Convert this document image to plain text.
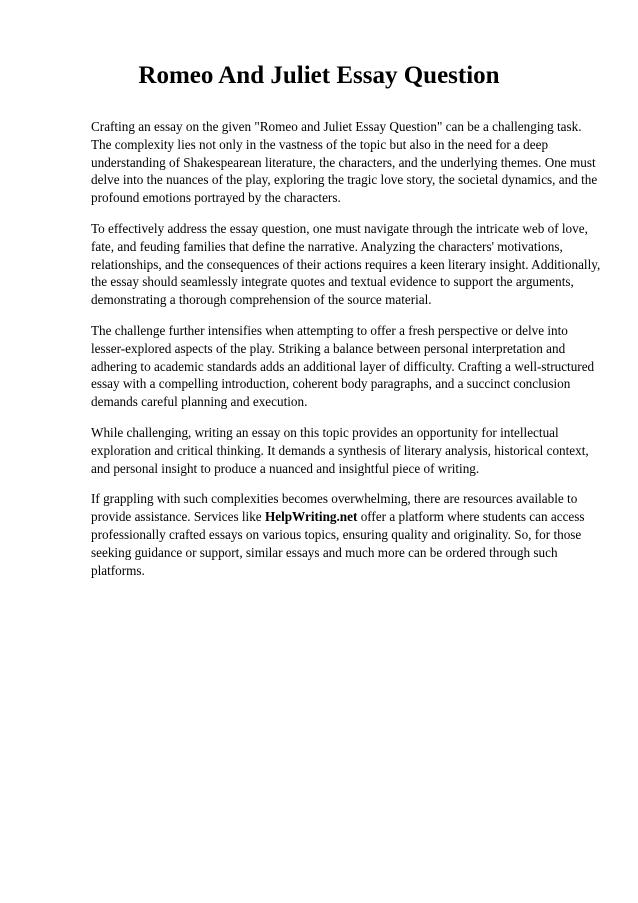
Romeo And Juliet Essay Question

Crafting an essay on the given "Romeo and Juliet Essay Question" can be a challenging task. The complexity lies not only in the vastness of the topic but also in the need for a deep understanding of Shakespearean literature, the characters, and the underlying themes. One must delve into the nuances of the play, exploring the tragic love story, the societal dynamics, and the profound emotions portrayed by the characters.

To effectively address the essay question, one must navigate through the intricate web of love, fate, and feuding families that define the narrative. Analyzing the characters' motivations, relationships, and the consequences of their actions requires a keen literary insight. Additionally, the essay should seamlessly integrate quotes and textual evidence to support the arguments, demonstrating a thorough comprehension of the source material.

The challenge further intensifies when attempting to offer a fresh perspective or delve into lesser-explored aspects of the play. Striking a balance between personal interpretation and adhering to academic standards adds an additional layer of difficulty. Crafting a well-structured essay with a compelling introduction, coherent body paragraphs, and a succinct conclusion demands careful planning and execution.

While challenging, writing an essay on this topic provides an opportunity for intellectual exploration and critical thinking. It demands a synthesis of literary analysis, historical context, and personal insight to produce a nuanced and insightful piece of writing.

If grappling with such complexities becomes overwhelming, there are resources available to provide assistance. Services like HelpWriting.net offer a platform where students can access professionally crafted essays on various topics, ensuring quality and originality. So, for those seeking guidance or support, similar essays and much more can be ordered through such platforms.
